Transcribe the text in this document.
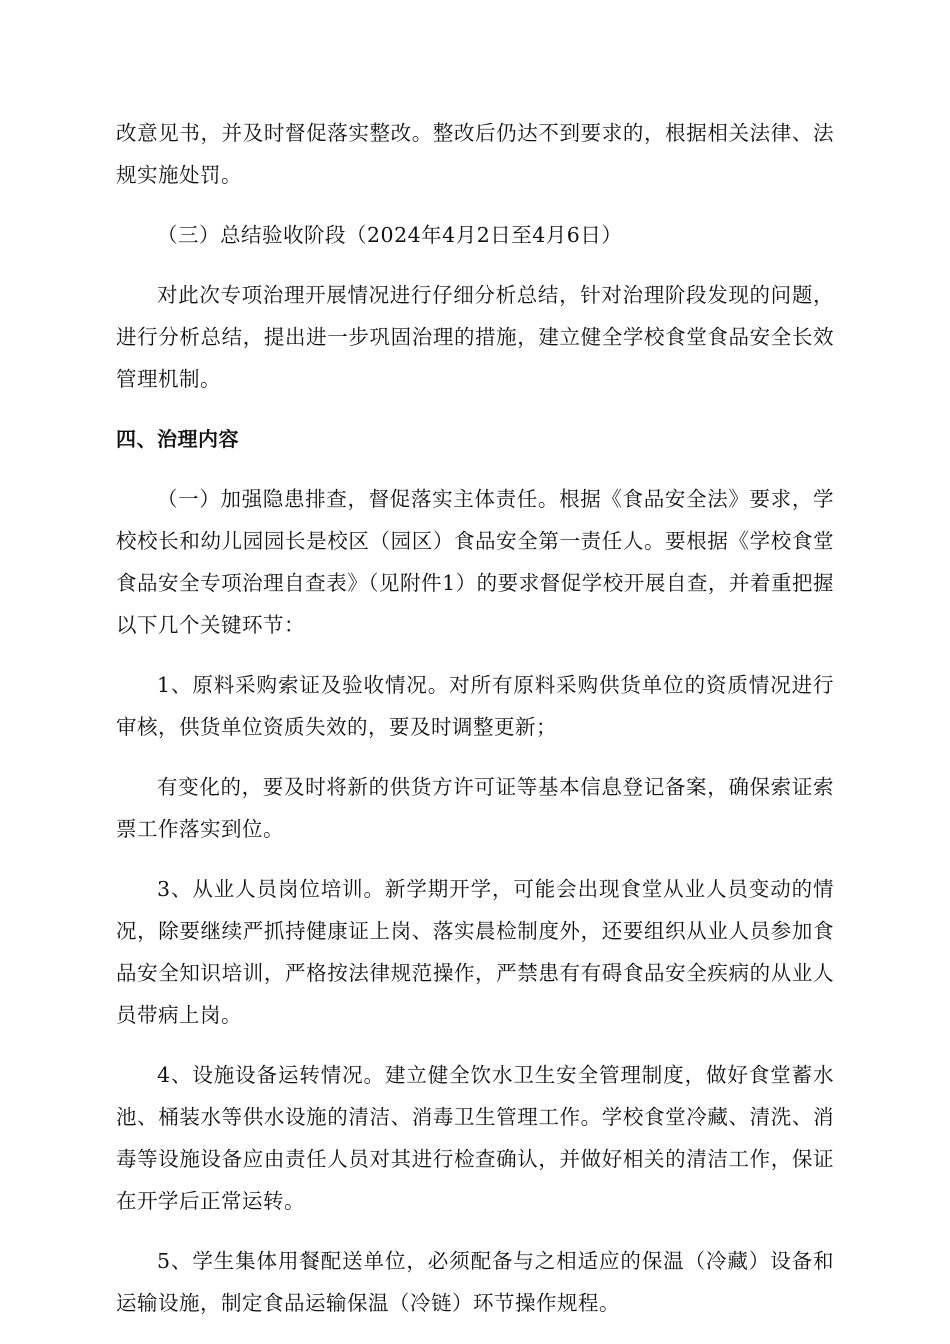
改意见书，并及时督促落实整改。整改后仍达不到要求的，根据相关法律、法规实施处罚。

（三）总结验收阶段（2024年4月2日至4月6日）

对此次专项治理开展情况进行仔细分析总结，针对治理阶段发现的问题，进行分析总结，提出进一步巩固治理的措施，建立健全学校食堂食品安全长效管理机制。

四、治理内容

（一）加强隐患排查，督促落实主体责任。根据《食品安全法》要求，学校校长和幼儿园园长是校区（园区）食品安全第一责任人。要根据《学校食堂食品安全专项治理自查表》（见附件1）的要求督促学校开展自查，并着重把握以下几个关键环节：

1、原料采购索证及验收情况。对所有原料采购供货单位的资质情况进行审核，供货单位资质失效的，要及时调整更新；

有变化的，要及时将新的供货方许可证等基本信息登记备案，确保索证索票工作落实到位。

3、从业人员岗位培训。新学期开学，可能会出现食堂从业人员变动的情况，除要继续严抓持健康证上岗、落实晨检制度外，还要组织从业人员参加食品安全知识培训，严格按法律规范操作，严禁患有有碍食品安全疾病的从业人员带病上岗。

4、设施设备运转情况。建立健全饮水卫生安全管理制度，做好食堂蓄水池、桶装水等供水设施的清洁、消毒卫生管理工作。学校食堂冷藏、清洗、消毒等设施设备应由责任人员对其进行检查确认，并做好相关的清洁工作，保证在开学后正常运转。

5、学生集体用餐配送单位，必须配备与之相适应的保温（冷藏）设备和运输设施，制定食品运输保温（冷链）环节操作规程。
